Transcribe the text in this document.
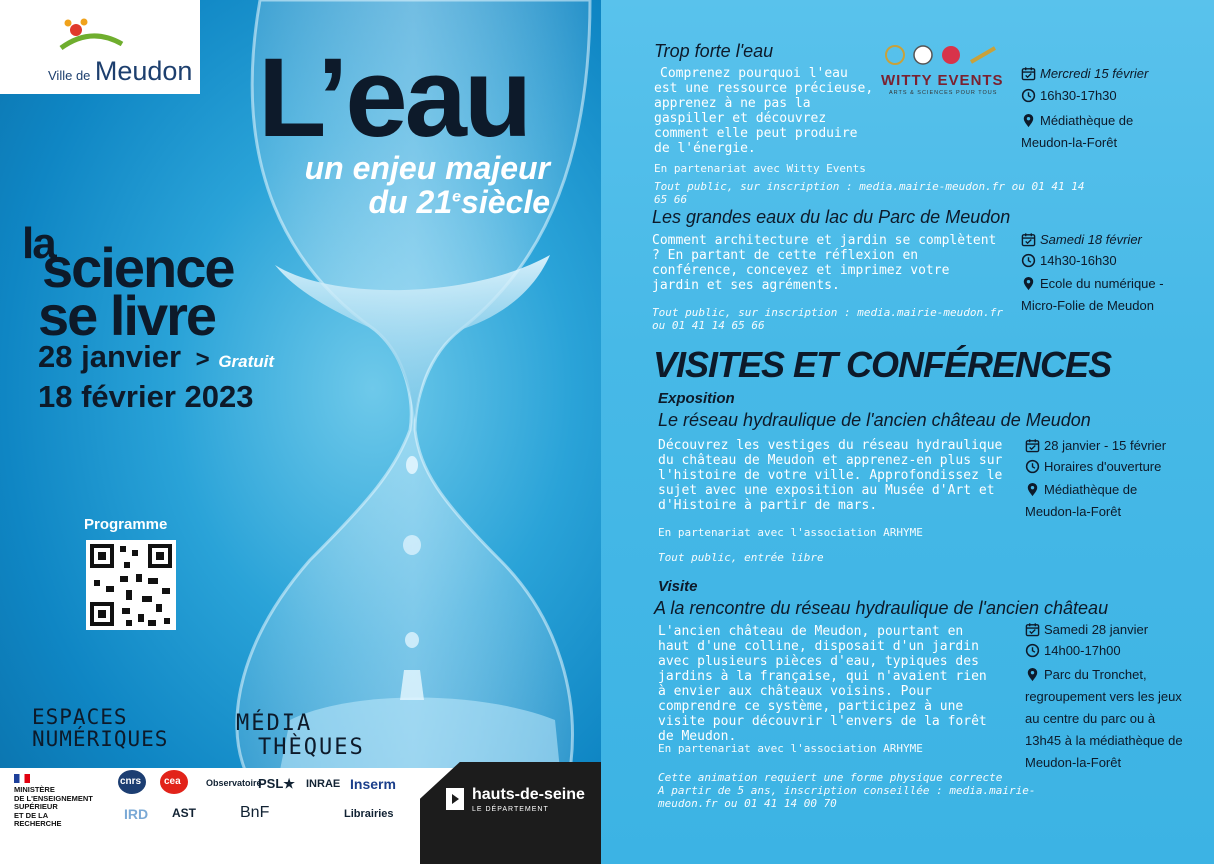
Ville de Meudon L’eau
un enjeu majeur
du 21esiècle
la
science
se livre
28 janvier > Gratuit
18 février 2023
Programme
ESPACES
NUMÉRIQUES
MÉDIA
THÈQUES
MINISTÈRE
DE L'ENSEIGNEMENT
SUPÉRIEUR
ET DE LA RECHERCHE
cnrs cea	Observatoire
PSL★ INRAE Inserm
IRD AST	BnF	Librairies
hauts-de-seine
LE DÉPARTEMENT
Trop forte l'eau
Comprenez pourquoi l'eau est une ressource précieuse, apprenez à ne pas la gaspiller et découvrez comment elle peut produire de l'énergie.
En partenariat avec Witty Events
Tout public, sur inscription : media.mairie-meudon.fr ou 01 41 14 65 66
WITTY EVENTS
ARTS & SCIENCES POUR TOUS
Mercredi 15 février
16h30-17h30
Médiathèque de Meudon-la-Forêt
Les grandes eaux du lac du Parc de Meudon
Comment architecture et jardin se complètent ? En partant de cette réflexion en conférence, concevez et imprimez votre jardin et ses agréments.
Tout public, sur inscription : media.mairie-meudon.fr ou 01 41 14 65 66
Samedi 18 février
14h30-16h30
Ecole du numérique - Micro-Folie de Meudon
VISITES ET CONFÉRENCES
Exposition
Le réseau hydraulique de l'ancien château de Meudon
Découvrez les vestiges du réseau hydraulique du château de Meudon et apprenez-en plus sur l'histoire de votre ville. Approfondissez le sujet avec une exposition au Musée d'Art et d'Histoire à partir de mars.
En partenariat avec l'association ARHYME
Tout public, entrée libre
28 janvier - 15 février
Horaires d'ouverture
Médiathèque de Meudon-la-Forêt
Visite
A la rencontre du réseau hydraulique de l'ancien château
L'ancien château de Meudon, pourtant en haut d'une colline, disposait d'un jardin avec plusieurs pièces d'eau, typiques des jardins à la française, qui n'avaient rien à envier aux châteaux voisins. Pour comprendre ce système, participez à une visite pour découvrir l'envers de la forêt de Meudon.
En partenariat avec l'association ARHYME
Cette animation requiert une forme physique correcte
A partir de 5 ans, inscription conseillée : media.mairie-meudon.fr ou 01 41 14 00 70
Samedi 28 janvier
14h00-17h00
Parc du Tronchet, regroupement vers les jeux au centre du parc ou à 13h45 à la médiathèque de Meudon-la-Forêt
